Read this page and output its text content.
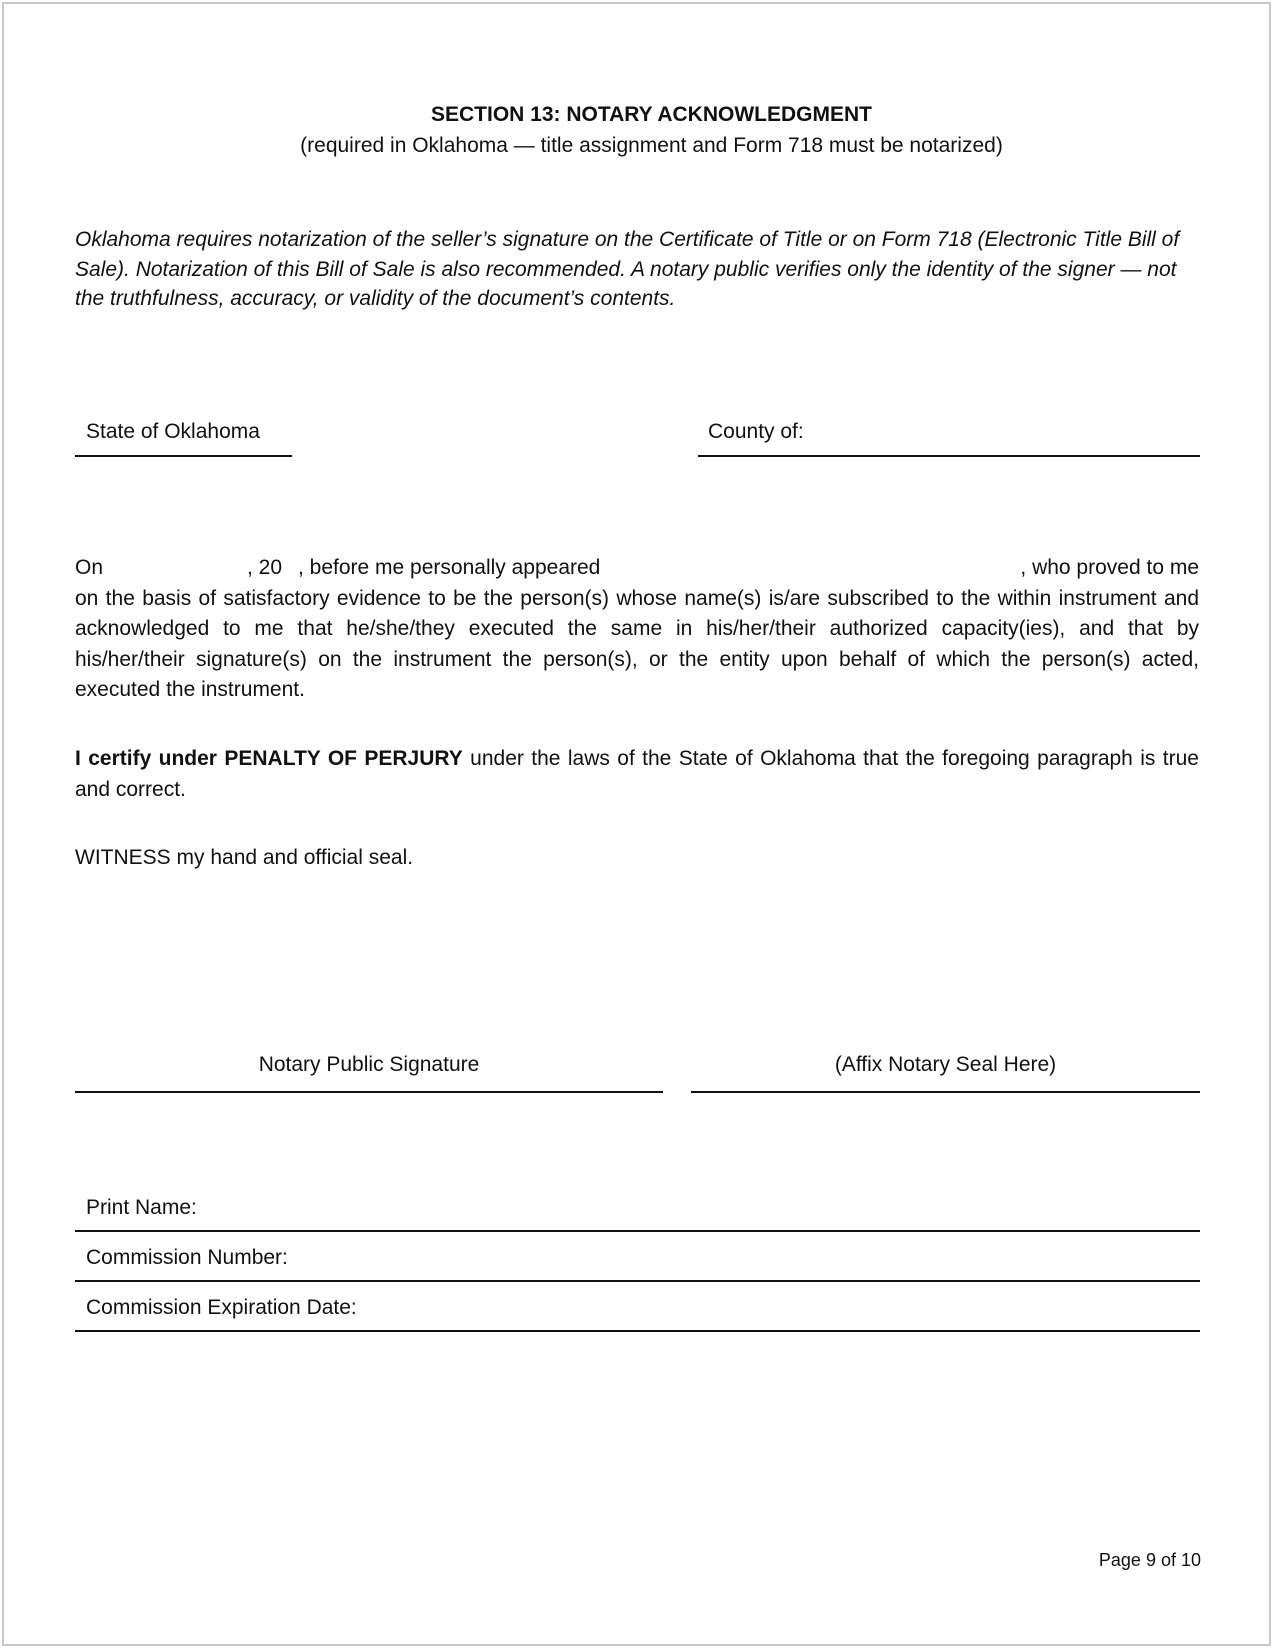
SECTION 13: NOTARY ACKNOWLEDGMENT
(required in Oklahoma — title assignment and Form 718 must be notarized)
Oklahoma requires notarization of the seller’s signature on the Certificate of Title or on Form 718 (Electronic Title Bill of Sale). Notarization of this Bill of Sale is also recommended. A notary public verifies only the identity of the signer — not the truthfulness, accuracy, or validity of the document’s contents.
State of Oklahoma	County of:
On	, 20 , before me personally appeared	, who proved to me
on the basis of satisfactory evidence to be the person(s) whose name(s) is/are subscribed to the within instrument and acknowledged to me that he/she/they executed the same in his/her/their authorized capacity(ies), and that by his/her/their signature(s) on the instrument the person(s), or the entity upon behalf of which the person(s) acted, executed the instrument.
I certify under PENALTY OF PERJURY under the laws of the State of Oklahoma that the foregoing paragraph is true and correct.
WITNESS my hand and official seal.
Notary Public Signature	(Affix Notary Seal Here)
Print Name:
Commission Number:
Commission Expiration Date:
Page 9 of 10
